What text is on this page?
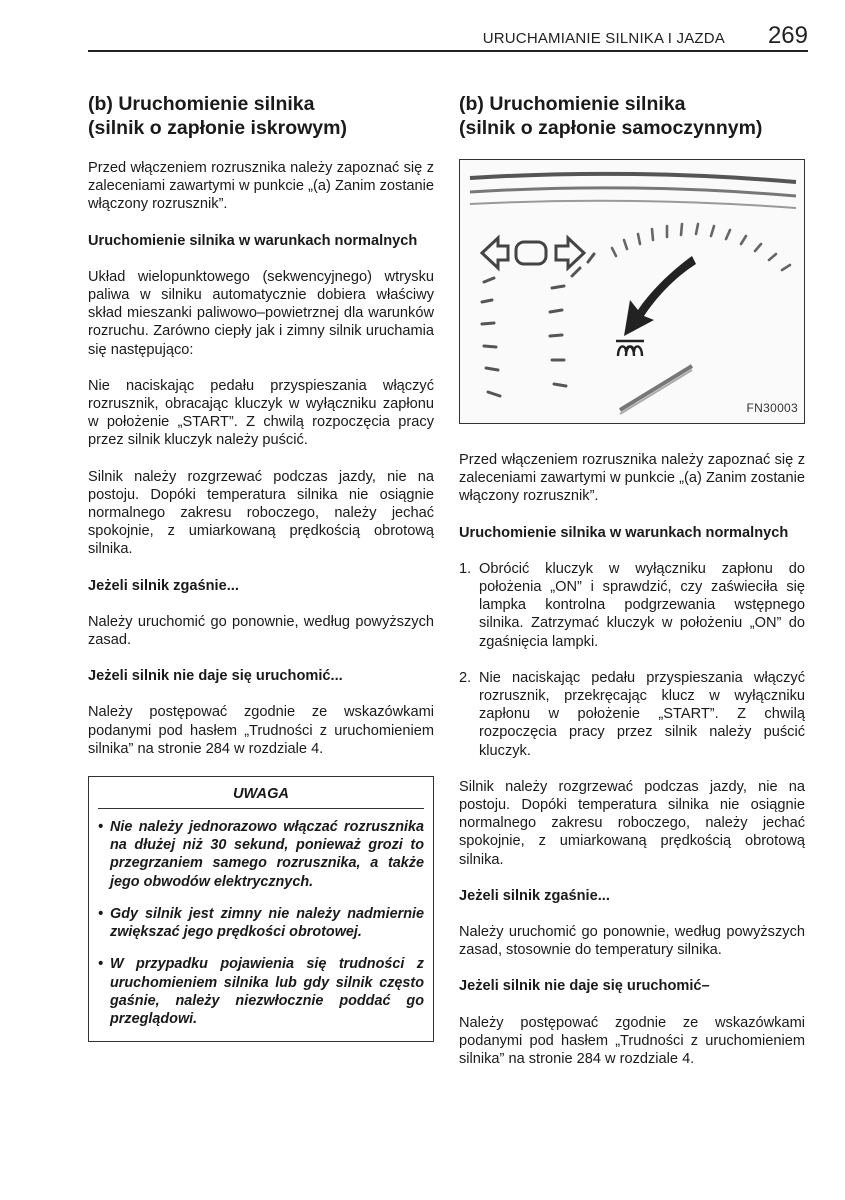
URUCHAMIANIE SILNIKA I JAZDA 269
(b) Uruchomienie silnika
(silnik o zapłonie iskrowym)

Przed włączeniem rozrusznika należy zapoznać się z zaleceniami zawartymi w punkcie „(a) Zanim zostanie włączony rozrusznik”.

Uruchomienie silnika w warunkach normalnych

Układ wielopunktowego (sekwencyjnego) wtrysku paliwa w silniku automatycznie dobiera właściwy skład mieszanki paliwowo–powietrznej dla warunków rozruchu. Zarówno ciepły jak i zimny silnik uruchamia się następująco:

Nie naciskając pedału przyspieszania włączyć rozrusznik, obracając kluczyk w wyłączniku zapłonu w położenie „START”. Z chwilą rozpoczęcia pracy przez silnik kluczyk należy puścić.

Silnik należy rozgrzewać podczas jazdy, nie na postoju. Dopóki temperatura silnika nie osiągnie normalnego zakresu roboczego, należy jechać spokojnie, z umiarkowaną prędkością obrotową silnika.

Jeżeli silnik zgaśnie...

Należy uruchomić go ponownie, według powyższych zasad.

Jeżeli silnik nie daje się uruchomić...

Należy postępować zgodnie ze wskazówkami podanymi pod hasłem „Trudności z uruchomieniem silnika” na stronie 284 w rozdziale 4.

UWAGA
• Nie należy jednorazowo włączać rozrusznika na dłużej niż 30 sekund, ponieważ grozi to przegrzaniem samego rozrusznika, a także jego obwodów elektrycznych.
• Gdy silnik jest zimny nie należy nadmiernie zwiększać jego prędkości obrotowej.
• W przypadku pojawienia się trudności z uruchomieniem silnika lub gdy silnik często gaśnie, należy niezwłocznie poddać go przeglądowi.
(b) Uruchomienie silnika
(silnik o zapłonie samoczynnym)
FN30003

Przed włączeniem rozrusznika należy zapoznać się z zaleceniami zawartymi w punkcie „(a) Zanim zostanie włączony rozrusznik”.

Uruchomienie silnika w warunkach normalnych

1. Obrócić kluczyk w wyłączniku zapłonu do położenia „ON” i sprawdzić, czy zaświeciła się lampka kontrolna podgrzewania wstępnego silnika. Zatrzymać kluczyk w położeniu „ON” do zgaśnięcia lampki.
2. Nie naciskając pedału przyspieszania włączyć rozrusznik, przekręcając klucz w wyłączniku zapłonu w położenie „START”. Z chwilą rozpoczęcia pracy przez silnik należy puścić kluczyk.

Silnik należy rozgrzewać podczas jazdy, nie na postoju. Dopóki temperatura silnika nie osiągnie normalnego zakresu roboczego, należy jechać spokojnie, z umiarkowaną prędkością obrotową silnika.

Jeżeli silnik zgaśnie...

Należy uruchomić go ponownie, według powyższych zasad, stosownie do temperatury silnika.

Jeżeli silnik nie daje się uruchomić–

Należy postępować zgodnie ze wskazówkami podanymi pod hasłem „Trudności z uruchomieniem silnika” na stronie 284 w rozdziale 4.
